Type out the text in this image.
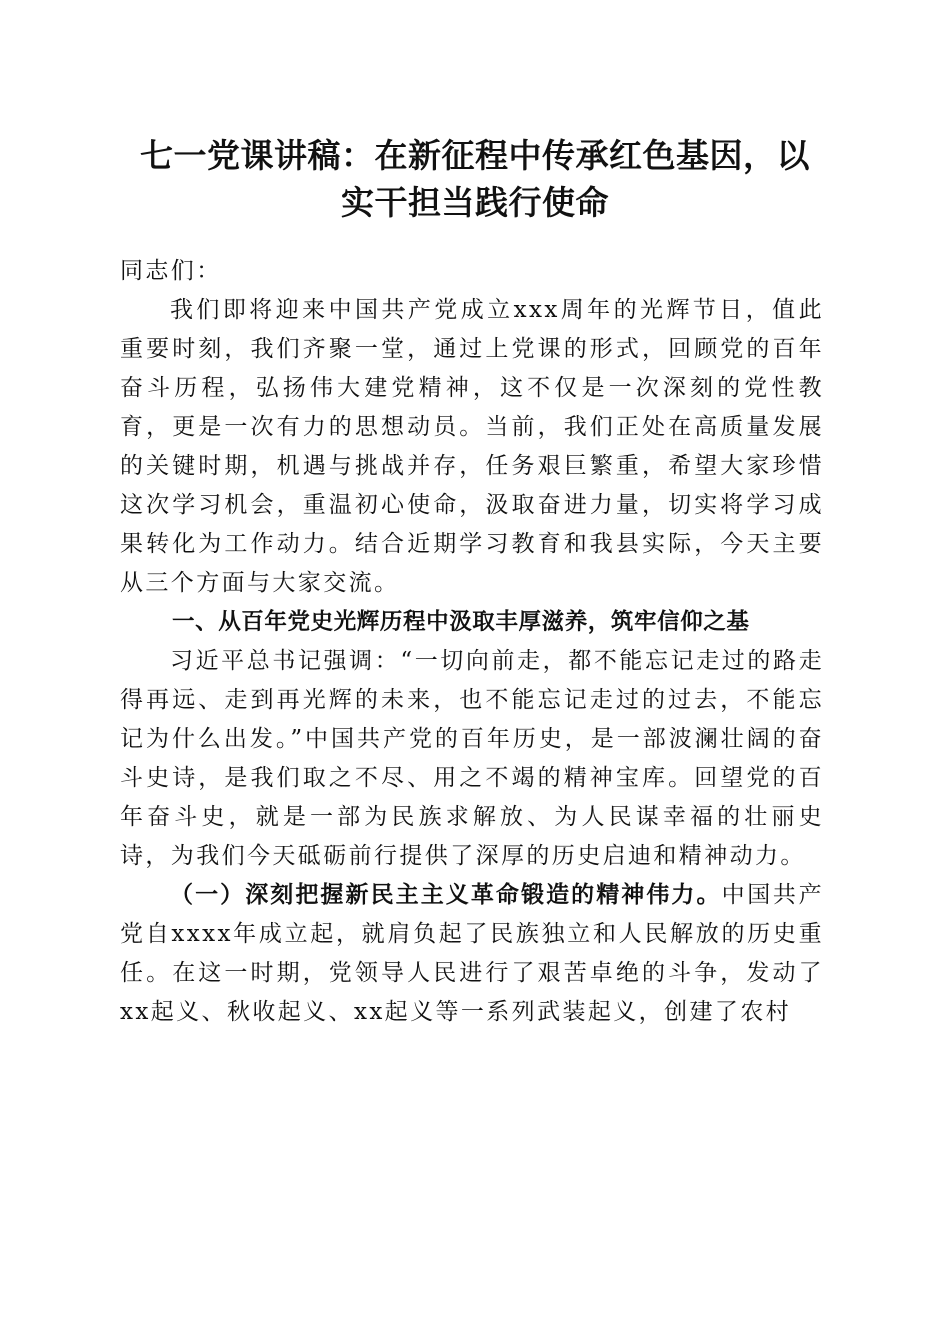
七一党课讲稿：在新征程中传承红色基因，以
实干担当践行使命

同志们：

我们即将迎来中国共产党成立xxx周年的光辉节日，值此重要时刻，我们齐聚一堂，通过上党课的形式，回顾党的百年奋斗历程，弘扬伟大建党精神，这不仅是一次深刻的党性教育，更是一次有力的思想动员。当前，我们正处在高质量发展的关键时期，机遇与挑战并存，任务艰巨繁重，希望大家珍惜这次学习机会，重温初心使命，汲取奋进力量，切实将学习成果转化为工作动力。结合近期学习教育和我县实际，今天主要从三个方面与大家交流。

一、从百年党史光辉历程中汲取丰厚滋养，筑牢信仰之基

习近平总书记强调：“一切向前走，都不能忘记走过的路走得再远、走到再光辉的未来，也不能忘记走过的过去，不能忘记为什么出发。”中国共产党的百年历史，是一部波澜壮阔的奋斗史诗，是我们取之不尽、用之不竭的精神宝库。回望党的百年奋斗史，就是一部为民族求解放、为人民谋幸福的壮丽史诗，为我们今天砥砺前行提供了深厚的历史启迪和精神动力。

（一）深刻把握新民主主义革命锻造的精神伟力。中国共产党自xxxx年成立起，就肩负起了民族独立和人民解放的历史重任。在这一时期，党领导人民进行了艰苦卓绝的斗争，发动了xx起义、秋收起义、xx起义等一系列武装起义，创建了农村
